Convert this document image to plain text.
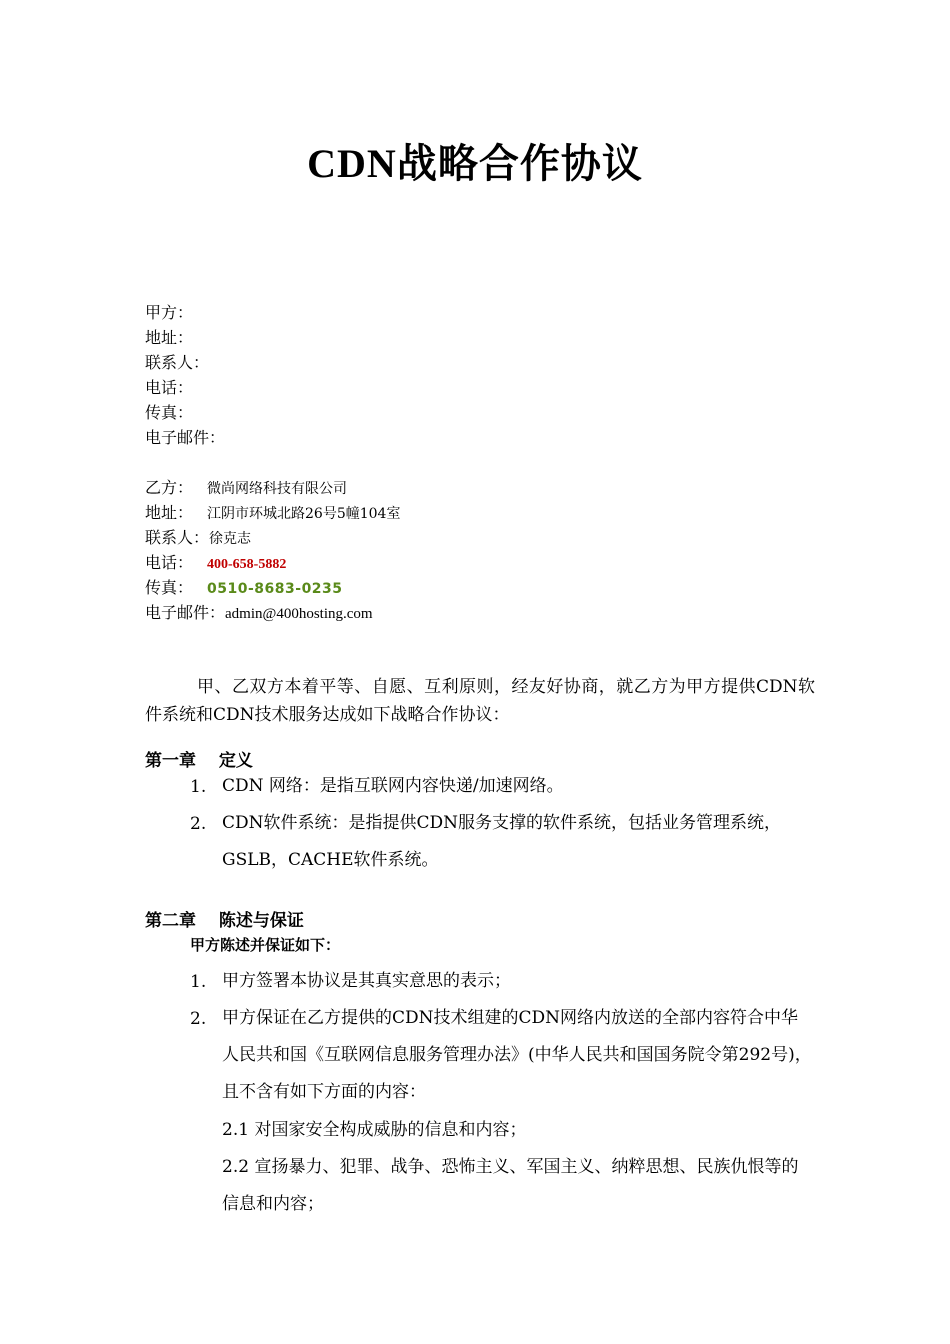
CDN战略合作协议
甲方：
地址：
联系人：
电话：
传真：
电子邮件：
乙方： 微尚网络科技有限公司
地址： 江阴市环城北路26号5幢104室
联系人：徐克志
电话： 400-658-5882
传真： 0510-8683-0235
电子邮件：admin@400hosting.com
甲、乙双方本着平等、自愿、互利原则，经友好协商，就乙方为甲方提供CDN软件系统和CDN技术服务达成如下战略合作协议：
第一章　 定义
1. CDN 网络：是指互联网内容快递/加速网络。
2. CDN软件系统：是指提供CDN服务支撑的软件系统，包括业务管理系统，GSLB，CACHE软件系统。
第二章　 陈述与保证
甲方陈述并保证如下：
1. 甲方签署本协议是其真实意思的表示；
2. 甲方保证在乙方提供的CDN技术组建的CDN网络内放送的全部内容符合中华人民共和国《互联网信息服务管理办法》(中华人民共和国国务院令第292号)，且不含有如下方面的内容：
2.1 对国家安全构成威胁的信息和内容；
2.2 宣扬暴力、犯罪、战争、恐怖主义、军国主义、纳粹思想、民族仇恨等的信息和内容；
